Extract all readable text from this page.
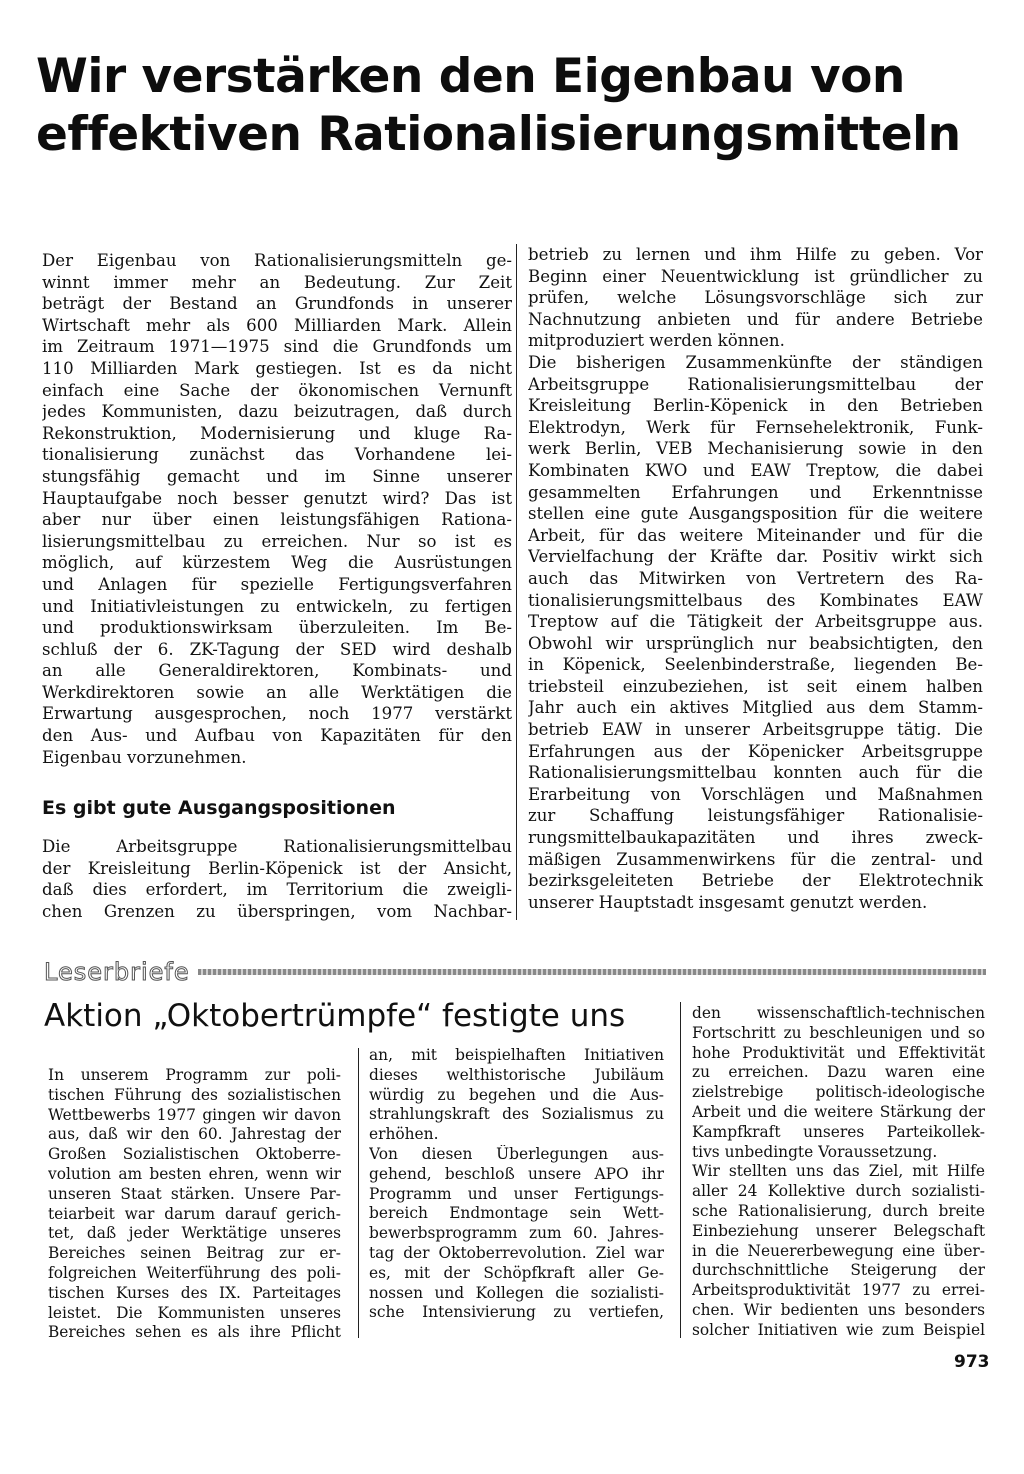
Wir verstärken den Eigenbau von
effektiven Rationalisierungsmitteln
Der Eigenbau von Rationalisierungsmitteln ge-
winnt immer mehr an Bedeutung. Zur Zeit
beträgt der Bestand an Grundfonds in unserer
Wirtschaft mehr als 600 Milliarden Mark. Allein
im Zeitraum 1971—1975 sind die Grundfonds um
110 Milliarden Mark gestiegen. Ist es da nicht
einfach eine Sache der ökonomischen Vernunft
jedes Kommunisten, dazu beizutragen, daß durch
Rekonstruktion, Modernisierung und kluge Ra-
tionalisierung zunächst das Vorhandene lei-
stungsfähig gemacht und im Sinne unserer
Hauptaufgabe noch besser genutzt wird? Das ist
aber nur über einen leistungsfähigen Rationa-
lisierungsmittelbau zu erreichen. Nur so ist es
möglich, auf kürzestem Weg die Ausrüstungen
und Anlagen für spezielle Fertigungsverfahren
und Initiativleistungen zu entwickeln, zu fertigen
und produktionswirksam überzuleiten. Im Be-
schluß der 6. ZK-Tagung der SED wird deshalb
an alle Generaldirektoren, Kombinats- und
Werkdirektoren sowie an alle Werktätigen die
Erwartung ausgesprochen, noch 1977 verstärkt
den Aus- und Aufbau von Kapazitäten für den
Eigenbau vorzunehmen.
Es gibt gute Ausgangspositionen
Die Arbeitsgruppe Rationalisierungsmittelbau
der Kreisleitung Berlin-Köpenick ist der Ansicht,
daß dies erfordert, im Territorium die zweigli-
chen Grenzen zu überspringen, vom Nachbar-
betrieb zu lernen und ihm Hilfe zu geben. Vor
Beginn einer Neuentwicklung ist gründlicher zu
prüfen, welche Lösungsvorschläge sich zur
Nachnutzung anbieten und für andere Betriebe
mitproduziert werden können.
Die bisherigen Zusammenkünfte der ständigen
Arbeitsgruppe Rationalisierungsmittelbau der
Kreisleitung Berlin-Köpenick in den Betrieben
Elektrodyn, Werk für Fernsehelektronik, Funk-
werk Berlin, VEB Mechanisierung sowie in den
Kombinaten KWO und EAW Treptow, die dabei
gesammelten Erfahrungen und Erkenntnisse
stellen eine gute Ausgangsposition für die weitere
Arbeit, für das weitere Miteinander und für die
Vervielfachung der Kräfte dar. Positiv wirkt sich
auch das Mitwirken von Vertretern des Ra-
tionalisierungsmittelbaus des Kombinates EAW
Treptow auf die Tätigkeit der Arbeitsgruppe aus.
Obwohl wir ursprünglich nur beabsichtigten, den
in Köpenick, Seelenbinderstraße, liegenden Be-
triebsteil einzubeziehen, ist seit einem halben
Jahr auch ein aktives Mitglied aus dem Stamm-
betrieb EAW in unserer Arbeitsgruppe tätig. Die
Erfahrungen aus der Köpenicker Arbeitsgruppe
Rationalisierungsmittelbau konnten auch für die
Erarbeitung von Vorschlägen und Maßnahmen
zur Schaffung leistungsfähiger Rationalisie-
rungsmittelbaukapazitäten und ihres zweck-
mäßigen Zusammenwirkens für die zentral- und
bezirksgeleiteten Betriebe der Elektrotechnik
unserer Hauptstadt insgesamt genutzt werden.
Leserbriefe
Aktion „Oktobertrümpfe“ festigte uns
In unserem Programm zur poli-
tischen Führung des sozialistischen
Wettbewerbs 1977 gingen wir davon
aus, daß wir den 60. Jahrestag der
Großen Sozialistischen Oktoberre-
volution am besten ehren, wenn wir
unseren Staat stärken. Unsere Par-
teiarbeit war darum darauf gerich-
tet, daß jeder Werktätige unseres
Bereiches seinen Beitrag zur er-
folgreichen Weiterführung des poli-
tischen Kurses des IX. Parteitages
leistet. Die Kommunisten unseres
Bereiches sehen es als ihre Pflicht
an, mit beispielhaften Initiativen
dieses welthistorische Jubiläum
würdig zu begehen und die Aus-
strahlungskraft des Sozialismus zu
erhöhen.
Von diesen Überlegungen aus-
gehend, beschloß unsere APO ihr
Programm und unser Fertigungs-
bereich Endmontage sein Wett-
bewerbsprogramm zum 60. Jahres-
tag der Oktoberrevolution. Ziel war
es, mit der Schöpfkraft aller Ge-
nossen und Kollegen die sozialisti-
sche Intensivierung zu vertiefen,
den wissenschaftlich-technischen
Fortschritt zu beschleunigen und so
hohe Produktivität und Effektivität
zu erreichen. Dazu waren eine
zielstrebige politisch-ideologische
Arbeit und die weitere Stärkung der
Kampfkraft unseres Parteikollek-
tivs unbedingte Voraussetzung.
Wir stellten uns das Ziel, mit Hilfe
aller 24 Kollektive durch sozialisti-
sche Rationalisierung, durch breite
Einbeziehung unserer Belegschaft
in die Neuererbewegung eine über-
durchschnittliche Steigerung der
Arbeitsproduktivität 1977 zu errei-
chen. Wir bedienten uns besonders
solcher Initiativen wie zum Beispiel
973
